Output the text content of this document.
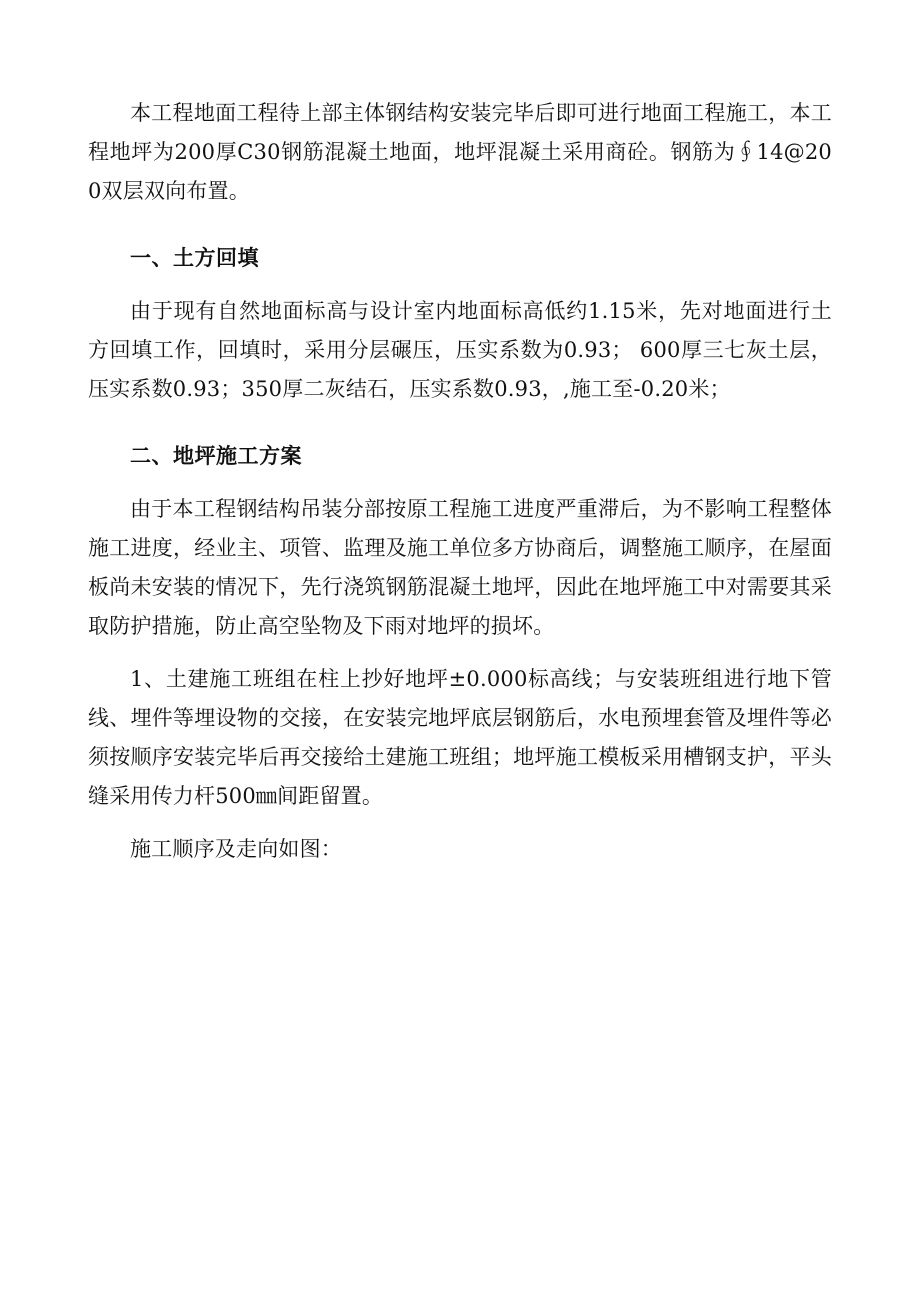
本工程地面工程待上部主体钢结构安装完毕后即可进行地面工程施工，本工程地坪为200厚C30钢筋混凝土地面，地坪混凝土采用商砼。钢筋为∮14@200双层双向布置。

一、土方回填

由于现有自然地面标高与设计室内地面标高低约1.15米，先对地面进行土方回填工作，回填时，采用分层碾压，压实系数为0.93； 600厚三七灰土层，压实系数0.93；350厚二灰结石，压实系数0.93，,施工至-0.20米；

二、地坪施工方案

由于本工程钢结构吊装分部按原工程施工进度严重滞后，为不影响工程整体施工进度，经业主、项管、监理及施工单位多方协商后，调整施工顺序，在屋面板尚未安装的情况下，先行浇筑钢筋混凝土地坪，因此在地坪施工中对需要其采取防护措施，防止高空坠物及下雨对地坪的损坏。

1、土建施工班组在柱上抄好地坪±0.000标高线；与安装班组进行地下管线、埋件等埋设物的交接，在安装完地坪底层钢筋后，水电预埋套管及埋件等必须按顺序安装完毕后再交接给土建施工班组；地坪施工模板采用槽钢支护，平头缝采用传力杆500㎜间距留置。

施工顺序及走向如图：
